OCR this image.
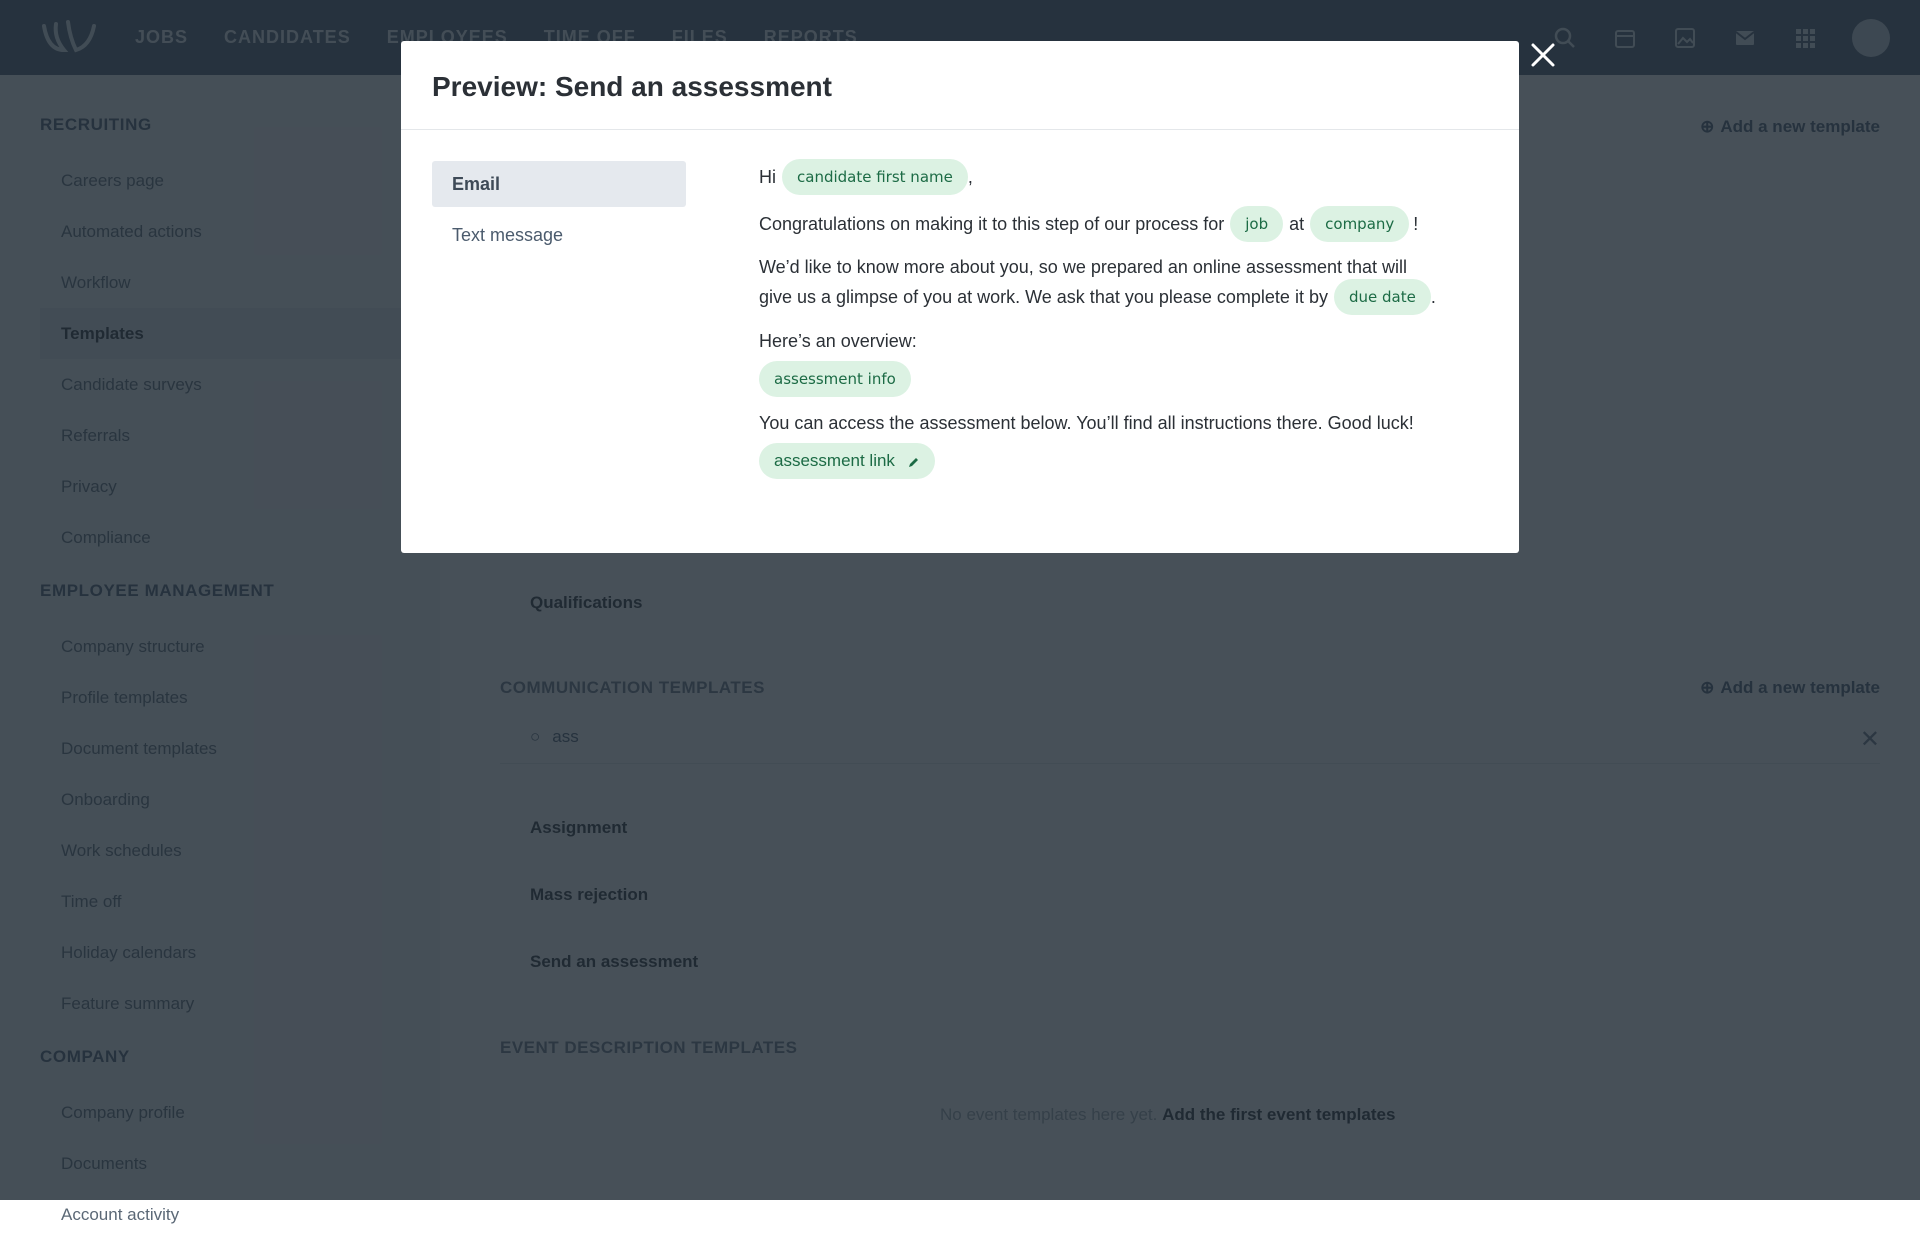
Account activity
Preview: Send an assessment
Email
Text message
Hi	candidate first name ,
Congratulations on making it to this step of our process for	job	at	company	!
We’d like to know more about you, so we prepared an online assessment that will
give us a glimpse of you at work. We ask that you please complete it by	due date .
Here’s an overview:
assessment info
You can access the assessment below. You’ll find all instructions there. Good luck!
assessment link
